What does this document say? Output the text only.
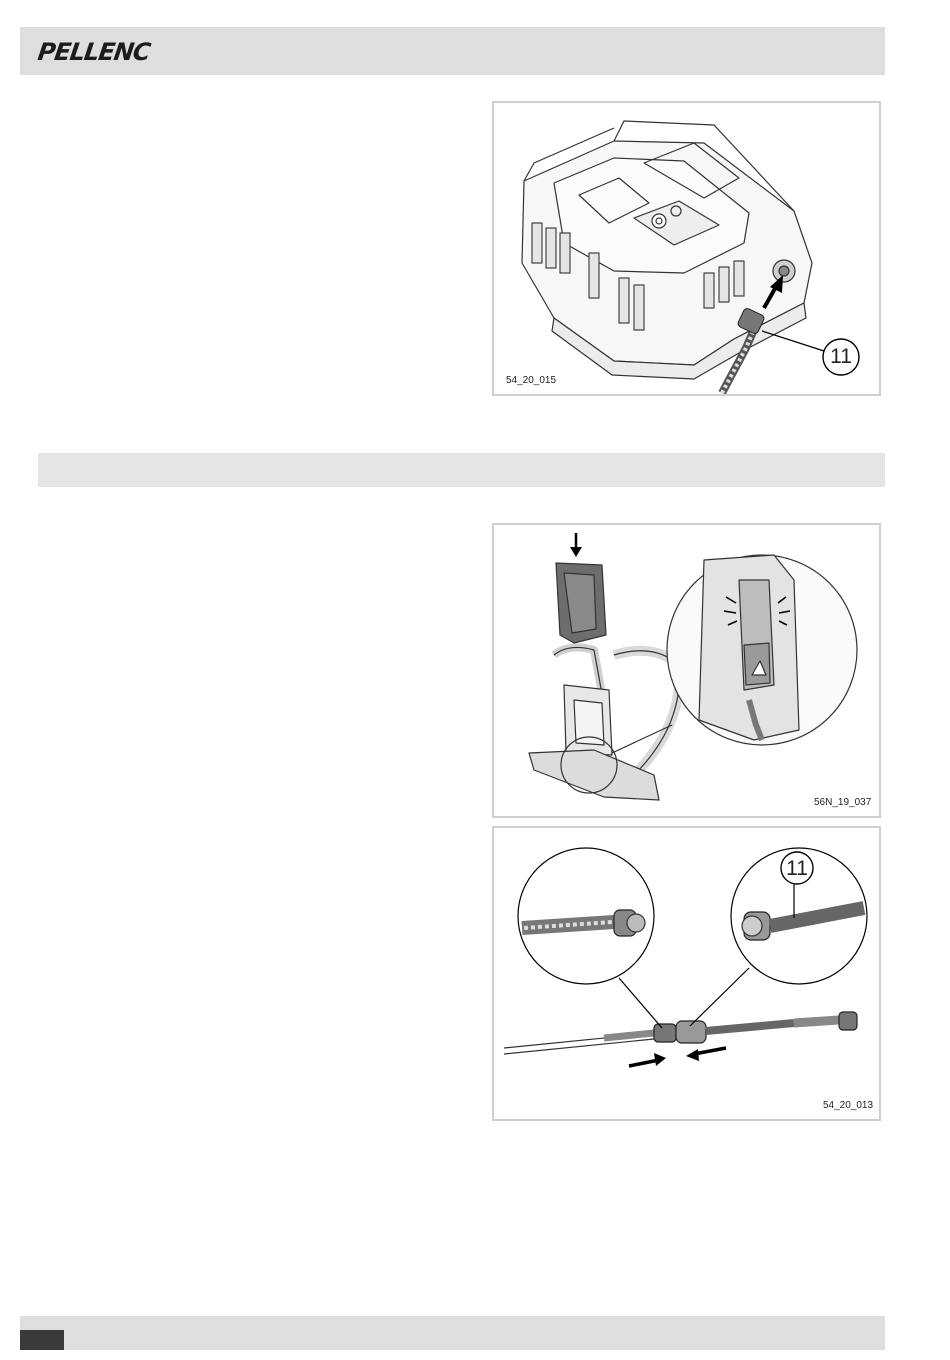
PELLENC
11
54_20_015
56N_19_037
11
54_20_013
